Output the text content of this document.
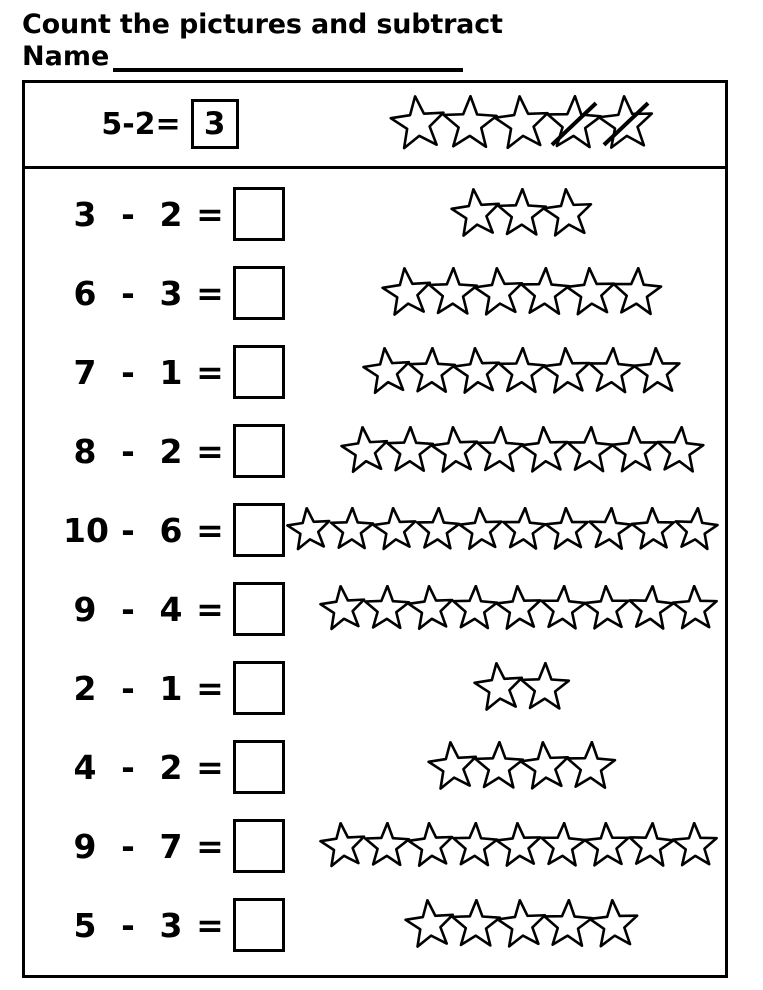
Count the pictures and subtract
Name
5-2= 3
3 - 2 =
6 - 3 =
7 - 1 =
8 - 2 =
10 - 6 =
9 - 4 =
2 - 1 =
4 - 2 =
9 - 7 =
5 - 3 =
